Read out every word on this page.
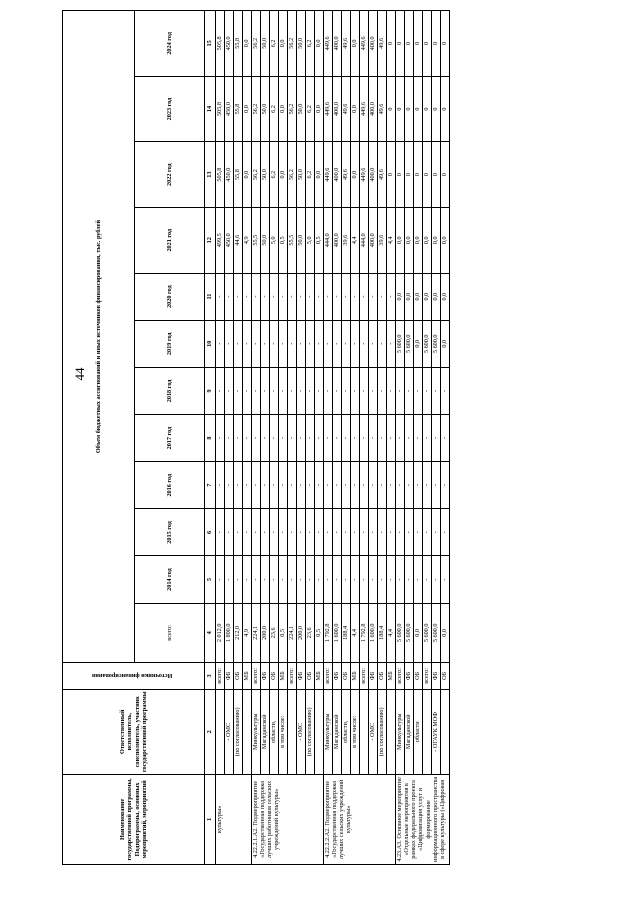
44
Наименование государственной программы, Подпрограммы, основных мероприятий, мероприятий	Ответственный исполнитель, соисполнитель, участник государственной программы	Источники финансирования	Объем бюджетных ассигнований и иных источников финансирования, тыс. рублей											
			всего:	2014 год	2015 год	2016 год	2017 год	2018 год	2019 год	2020 год	2021 год	2022 год	2023 год	2024 год
1	2	3	4	5	6	7	8	9	10	11	12	13	14	15
культуры»		всего:	2 012,0	-	-	-	-	-	-	-	499,5	505,8	505,8	505,8
	- ОМС	ФБ	1 800,0	-	-	-	-	-	-	-	450,0	450,0	450,0	450,0
	(по согласованию)	ОБ	212,0	-	-	-	-	-	-	-	44,6	55,8	55,8	55,8
		МБ	4,9	-	-	-	-	-	-	-	4,9	0,0	0,0	0,0
4.22.2.1.А2. Подмероприятие «Государственная поддержка лучших работников сельских учреждений культуры»	Минкультуры	всего:	224,1	-	-	-	-	-	-	-	55,5	56,2	56,2	56,2
	Магаданской	ФБ	200,0	-	-	-	-	-	-	-	50,0	50,0	50,0	50,0
	области,	ОБ	23,6	-	-	-	-	-	-	-	5,0	6,2	6,2	6,2
	в том числе:	МБ	0,5	-	-	-	-	-	-	-	0,5	0,0	0,0	0,0
		всего:	224,1	-	-	-	-	-	-	-	55,5	56,2	56,2	56,2
	- ОМС	ФБ	200,0	-	-	-	-	-	-	-	50,0	50,0	50,0	50,0
	(по согласованию)	ОБ	23,6	-	-	-	-	-	-	-	5,0	6,2	6,2	6,2
		МБ	0,5	-	-	-	-	-	-	-	0,5	0,0	0,0	0,0
4.22.2.2.А2. Подмероприятие «Государственная поддержка лучших сельских учреждений культуры»	Минкультуры	всего:	1 792,8	-	-	-	-	-	-	-	444,0	449,6	449,6	449,6
	Магаданской	ФБ	1 600,0	-	-	-	-	-	-	-	400,0	400,0	400,0	400,0
	области,	ОБ	188,4	-	-	-	-	-	-	-	39,6	49,6	49,6	49,6
	в том числе:	МБ	4,4	-	-	-	-	-	-	-	4,4	0,0	0,0	0,0
		всего:	1 792,8	-	-	-	-	-	-	-	444,0	449,6	449,6	449,6
	- ОМС	ФБ	1 600,0	-	-	-	-	-	-	-	400,0	400,0	400,0	400,0
	(по согласованию)	ОБ	188,4	-	-	-	-	-	-	-	39,6	49,6	49,6	49,6
		МБ	4,4	-	-	-	-	-	-	-	4,4	0	0	0
4.23.А3. Основное мероприятие «Отдельные мероприятия в рамках федерального проекта «Цифровизация услуг и формирование информационного пространства в сфере культуры («Цифровая	Минкультуры	всего:	5 600,0	-	-	-	-	-	5 600,0	0,0	0,0	0	0	0
	Магаданской	ФБ	5 600,0	-	-	-	-	-	5 600,0	0,0	0,0	0	0	0
	области	ОБ	0,0	-	-	-	-	-	0,0	0,0	0,0	0	0	0
		всего:	5 600,0	-	-	-	-	-	5 600,0	0,0	0,0	0	0	0
	- ОГАУК МОФ	ФБ	5 600,0	-	-	-	-	-	5 600,0	0,0	0,0	0	0	0
		ОБ	0,0	-	-	-	-	-	0,0	0,0	0,0	0	0	0
